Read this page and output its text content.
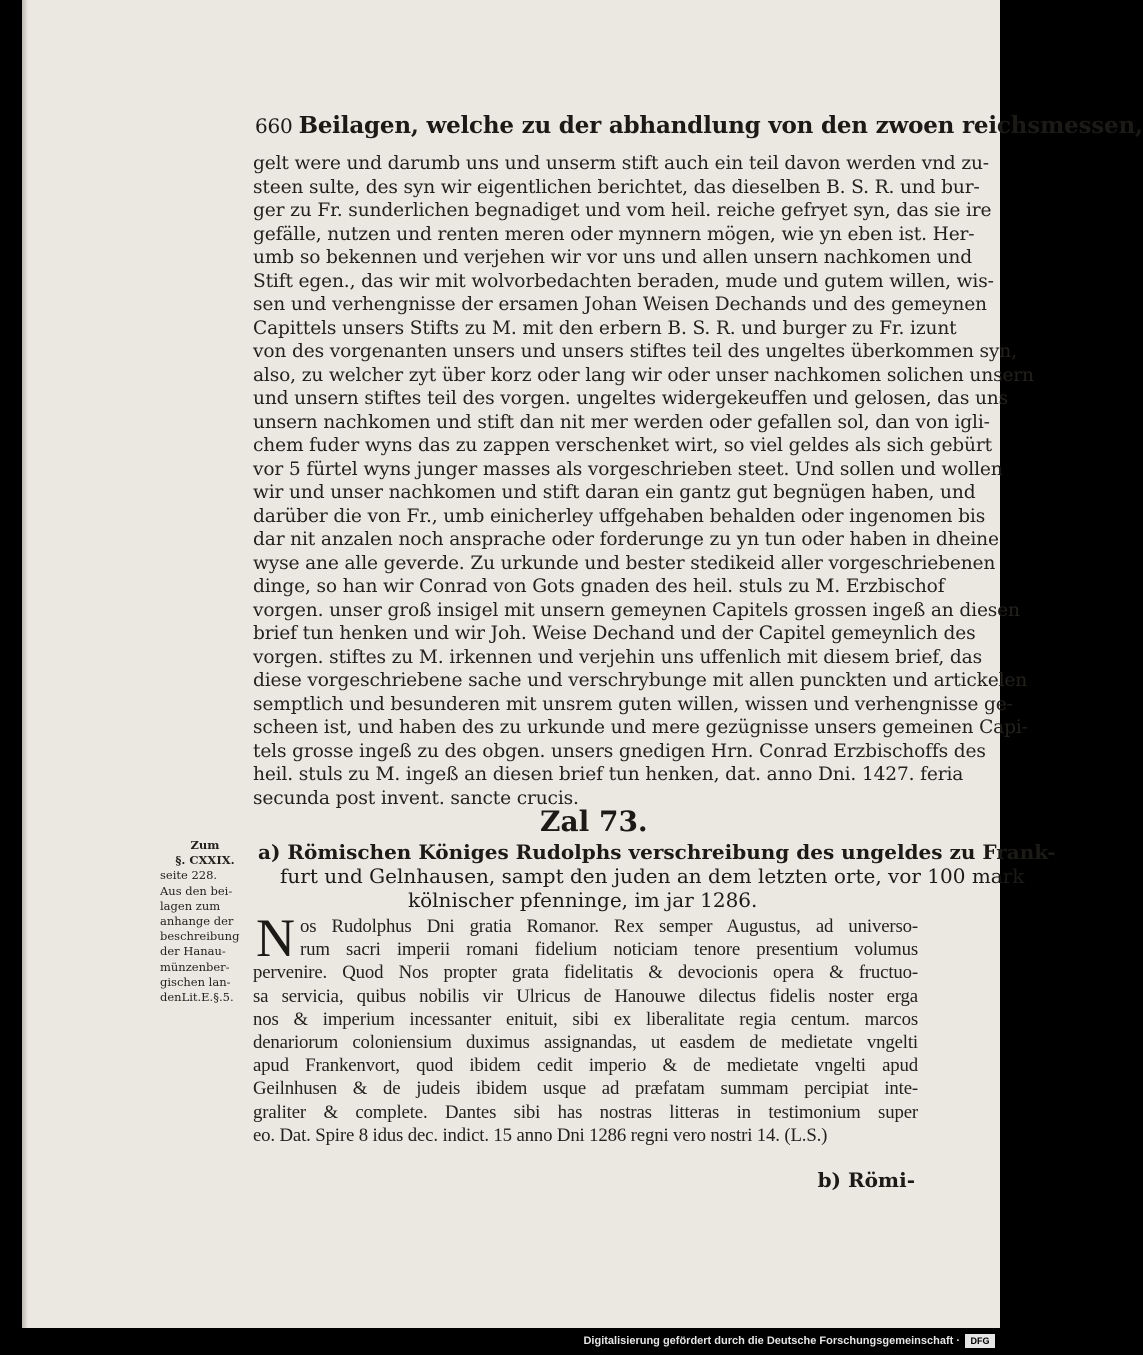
660 Beilagen, welche zu der abhandlung von den zwoen reichsmessen,
gelt were und darumb uns und unserm stift auch ein teil davon werden vnd zu-
steen sulte, des syn wir eigentlichen berichtet, das dieselben B. S. R. und bur-
ger zu Fr. sunderlichen begnadiget und vom heil. reiche gefryet syn, das sie ire
gefälle, nutzen und renten meren oder mynnern mögen, wie yn eben ist. Her-
umb so bekennen und verjehen wir vor uns und allen unsern nachkomen und
Stift egen., das wir mit wolvorbedachten beraden, mude und gutem willen, wis-
sen und verhengnisse der ersamen Johan Weisen Dechands und des gemeynen
Capittels unsers Stifts zu M. mit den erbern B. S. R. und burger zu Fr. izunt
von des vorgenanten unsers und unsers stiftes teil des ungeltes überkommen syn,
also, zu welcher zyt über korz oder lang wir oder unser nachkomen solichen unsern
und unsern stiftes teil des vorgen. ungeltes widergekeuffen und gelosen, das uns
unsern nachkomen und stift dan nit mer werden oder gefallen sol, dan von igli-
chem fuder wyns das zu zappen verschenket wirt, so viel geldes als sich gebürt
vor 5 fürtel wyns junger masses als vorgeschrieben steet. Und sollen und wollen
wir und unser nachkomen und stift daran ein gantz gut begnügen haben, und
darüber die von Fr., umb einicherley uffgehaben behalden oder ingenomen bis
dar nit anzalen noch ansprache oder forderunge zu yn tun oder haben in dheine
wyse ane alle geverde. Zu urkunde und bester stedikeid aller vorgeschriebenen
dinge, so han wir Conrad von Gots gnaden des heil. stuls zu M. Erzbischof
vorgen. unser groß insigel mit unsern gemeynen Capitels grossen ingeß an diesen
brief tun henken und wir Joh. Weise Dechand und der Capitel gemeynlich des
vorgen. stiftes zu M. irkennen und verjehin uns uffenlich mit diesem brief, das
diese vorgeschriebene sache und verschrybunge mit allen punckten und artickelen
semptlich und besunderen mit unsrem guten willen, wissen und verhengnisse ge-
scheen ist, und haben des zu urkunde und mere gezügnisse unsers gemeinen Capi-
tels grosse ingeß zu des obgen. unsers gnedigen Hrn. Conrad Erzbischoffs des
heil. stuls zu M. ingeß an diesen brief tun henken, dat. anno Dni. 1427. feria
secunda post invent. sancte crucis.
Zal 73.
Zum
§. CXXIX.
seite 228.
Aus den bei-
lagen zum
anhange der
beschreibung
der Hanau-
münzenber-
gischen lan-
denLit.E.§.5.
a) Römischen Königes Rudolphs verschreibung des ungeldes zu Frank-
furt und Gelnhausen, sampt den juden an dem letzten orte, vor 100 mark
kölnischer pfenninge, im jar 1286.
N os Rudolphus Dni gratia Romanor. Rex semper Augustus, ad universo-
rum sacri imperii romani fidelium noticiam tenore presentium volumus
pervenire. Quod Nos propter grata fidelitatis & devocionis opera & fructuo-
sa servicia, quibus nobilis vir Ulricus de Hanouwe dilectus fidelis noster erga
nos & imperium incessanter enituit, sibi ex liberalitate regia centum. marcos
denariorum coloniensium duximus assignandas, ut easdem de medietate vngelti
apud Frankenvort, quod ibidem cedit imperio & de medietate vngelti apud
Geilnhusen & de judeis ibidem usque ad præfatam summam percipiat inte-
graliter & complete. Dantes sibi has nostras litteras in testimonium super
eo. Dat. Spire 8 idus dec. indict. 15 anno Dni 1286 regni vero nostri 14. (L.S.)
b) Römi-
Digitalisierung gefördert durch die Deutsche Forschungsgemeinschaft ·	DFG
